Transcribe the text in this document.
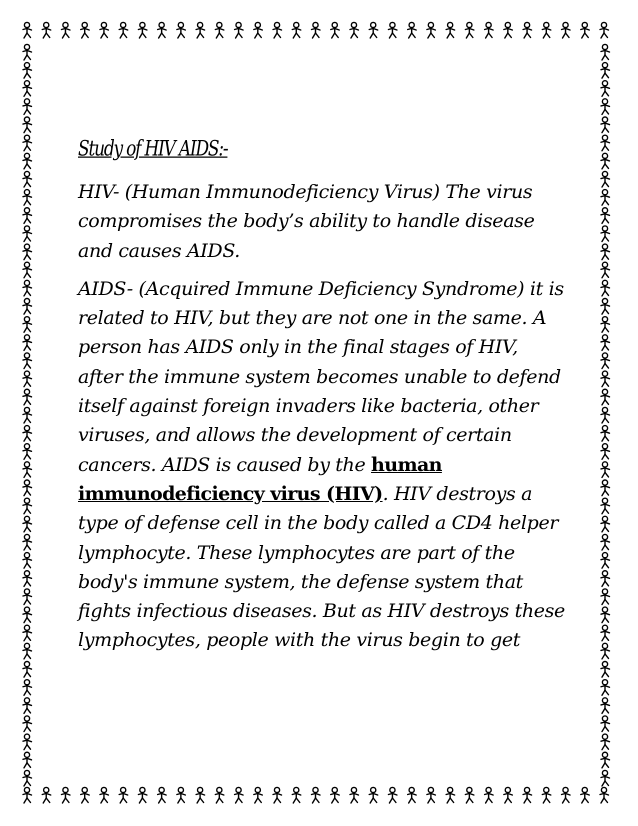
Study of HIV AIDS:-

HIV- (Human Immunodeficiency Virus) The virus compromises the body’s ability to handle disease and causes AIDS.

AIDS- (Acquired Immune Deficiency Syndrome) it is related to HIV, but they are not one in the same. A person has AIDS only in the final stages of HIV, after the immune system becomes unable to defend itself against foreign invaders like bacteria, other viruses, and allows the development of certain cancers. AIDS is caused by the human immunodeficiency virus (HIV). HIV destroys a type of defense cell in the body called a CD4 helper lymphocyte. These lymphocytes are part of the body's immune system, the defense system that fights infectious diseases. But as HIV destroys these lymphocytes, people with the virus begin to get
